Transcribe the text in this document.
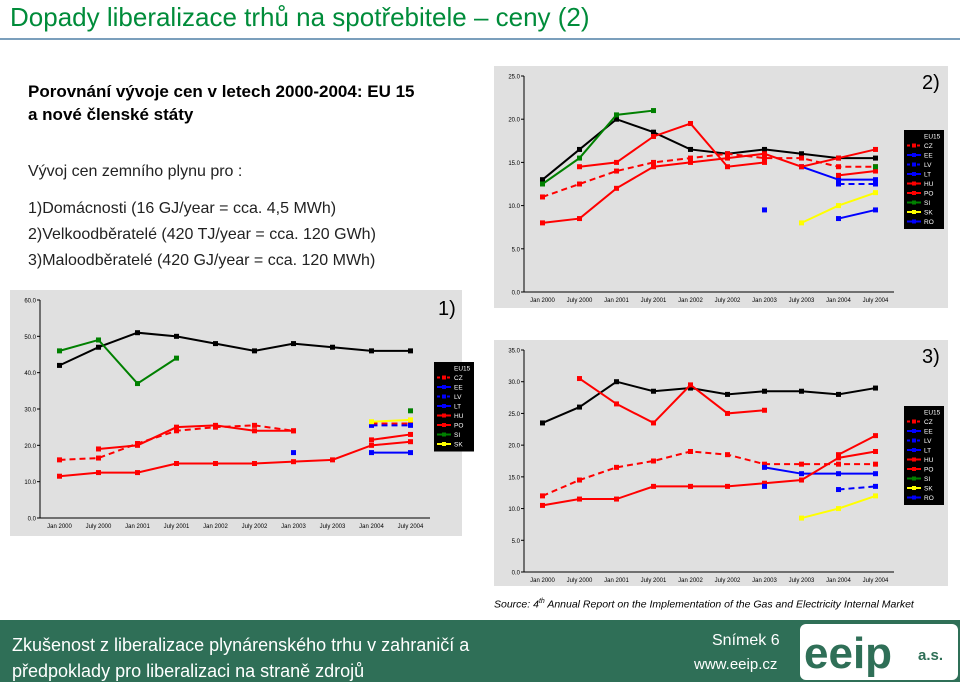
Dopady liberalizace trhů na spotřebitele – ceny (2)

Porovnání vývoje cen v letech 2000-2004: EU 15
a nové členské státy

Vývoj cen zemního plynu pro :

1)Domácnosti (16 GJ/year = cca. 4,5 MWh)
2)Velkoodběratelé (420 TJ/year = cca. 120 GWh)
3)Maloodběratelé (420 GJ/year = cca. 120 MWh)
0.0
10.0
20.0
30.0
40.0
50.0
60.0
Jan 2000 July 2000 Jan 2001 July 2001 Jan 2002 July 2002 Jan 2003 July 2003 Jan 2004 July 2004
EU15
CZ
EE
LV
LT
HU
PO
SI
SK
1)
0.0
5.0
10.0
15.0
20.0
25.0
Jan 2000 July 2000 Jan 2001 July 2001 Jan 2002 July 2002 Jan 2003 July 2003 Jan 2004 July 2004
EU15
CZ
EE
LV
LT
HU
PO
SI
SK
RO
2)
0.0
5.0
10.0
15.0
20.0
25.0
30.0
35.0
Jan 2000 July 2000 Jan 2001 July 2001 Jan 2002 July 2002 Jan 2003 July 2003 Jan 2004 July 2004
EU15
CZ
EE
LV
LT
HU
PO
SI
SK
RO
3)
Source: 4th Annual Report on the Implementation of the Gas and Electricity Internal Market
Zkušenost z liberalizace plynárenského trhu v zahraničí a
předpoklady pro liberalizaci na straně zdrojů
Snímek 6
www.eeip.cz eeip a.s.
